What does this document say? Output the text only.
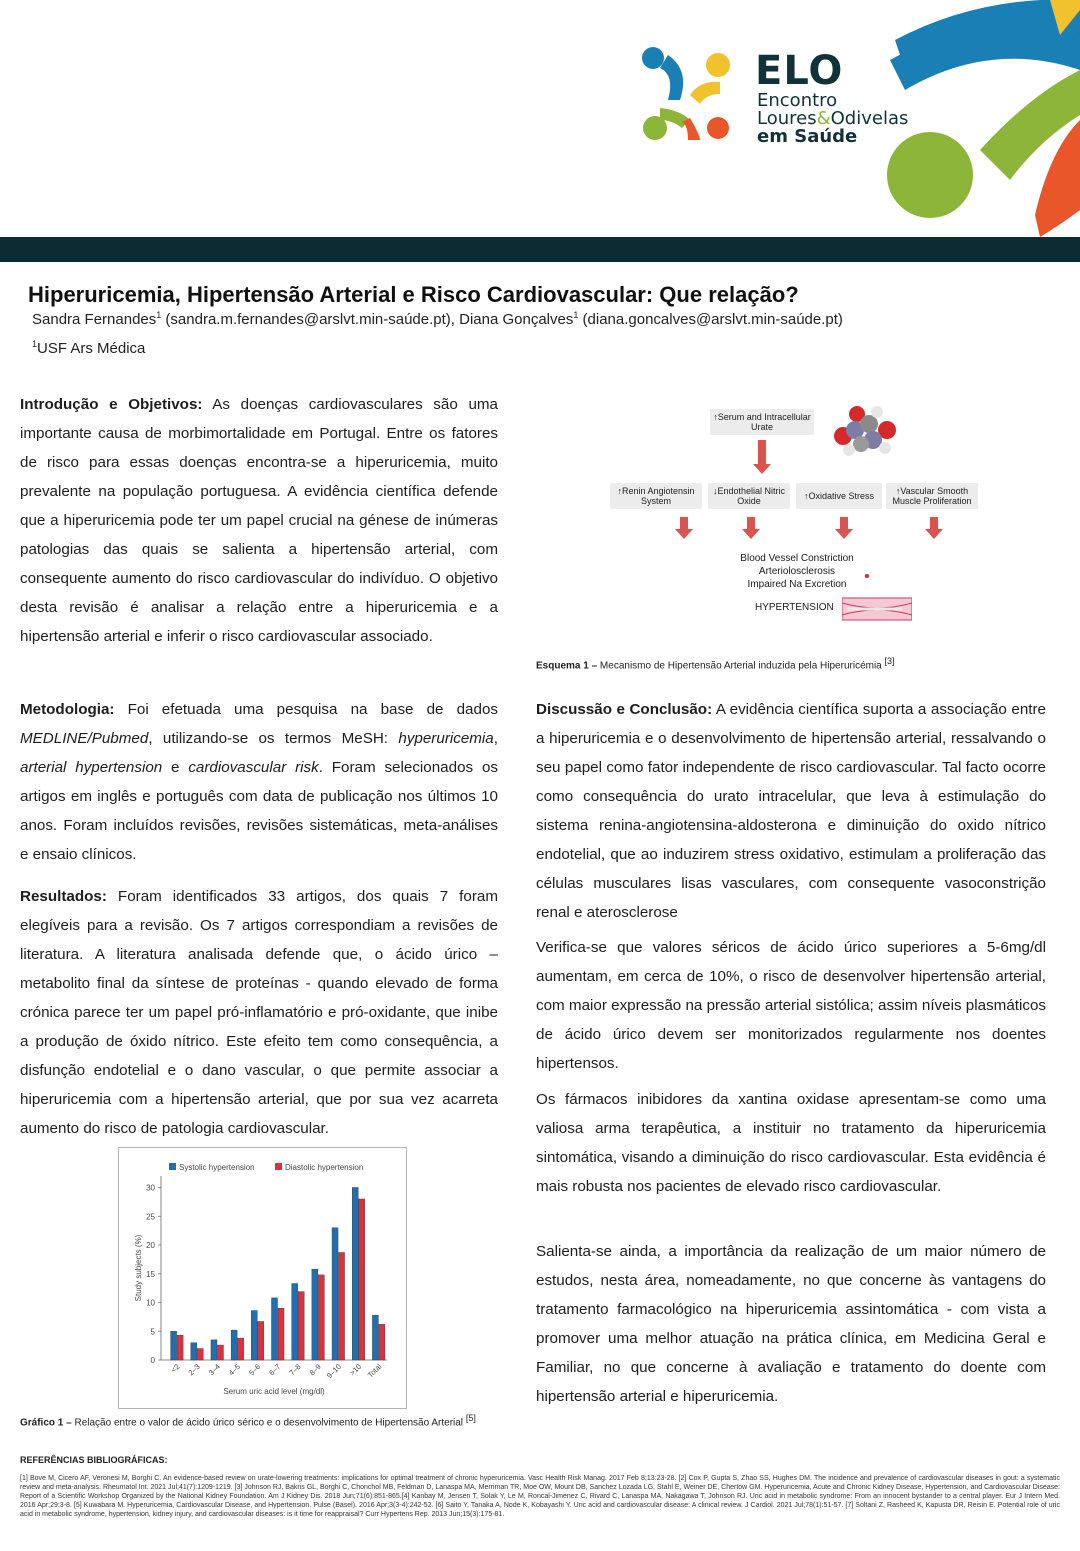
ELO
Encontro
Loures&Odivelas
em Saúde
Hiperuricemia, Hipertensão Arterial e Risco Cardiovascular: Que relação?
Sandra Fernandes$^1$ (sandra.m.fernandes@arslvt.min-saúde.pt), Diana Gonçalves$^1$ (diana.goncalves@arslvt.min-saúde.pt)
$^1$USF Ars Médica
Introdução e Objetivos: As doenças cardiovasculares são uma importante causa de morbimortalidade em Portugal. Entre os fatores de risco para essas doenças encontra-se a hiperuricemia, muito prevalente na população portuguesa. A evidência científica defende que a hiperuricemia pode ter um papel crucial na génese de inúmeras patologias das quais se salienta a hipertensão arterial, com consequente aumento do risco cardiovascular do indivíduo. O objetivo desta revisão é analisar a relação entre a hiperuricemia e a hipertensão arterial e inferir o risco cardiovascular associado.
Metodologia: Foi efetuada uma pesquisa na base de dados MEDLINE/Pubmed, utilizando-se os termos MeSH: hyperuricemia, arterial hypertension e cardiovascular risk. Foram selecionados os artigos em inglês e português com data de publicação nos últimos 10 anos. Foram incluídos revisões, revisões sistemáticas, meta-análises e ensaio clínicos.
Resultados: Foram identificados 33 artigos, dos quais 7 foram elegíveis para a revisão. Os 7 artigos correspondiam a revisões de literatura. A literatura analisada defende que, o ácido úrico – metabolito final da síntese de proteínas - quando elevado de forma crónica parece ter um papel pró-inflamatório e pró-oxidante, que inibe a produção de óxido nítrico. Este efeito tem como consequência, a disfunção endotelial e o dano vascular, o que permite associar a hiperuricemia com a hipertensão arterial, que por sua vez acarreta aumento do risco de patologia cardiovascular.
Systolic hypertension	Diastolic hypertension
0
5
10
15
20
25
30
Study subjects (%)
<2 2–3 3–4 4–5 5–6 6–7 7–8 8–9 9–10 >10 Total
Serum uric acid level (mg/dl)
Gráfico 1 – Relação entre o valor de ácido úrico sérico e o desenvolvimento de Hipertensão Arterial [5]
↑Serum and Intracellular Urate
↑Renin Angiotensin System
↓Endothelial Nitric Oxide	↑Oxidative Stress	↑Vascular Smooth Muscle Proliferation
Blood Vessel Constriction
Arteriolosclerosis
Impaired Na Excretion
HYPERTENSION
Esquema 1 – Mecanismo de Hipertensão Arterial induzida pela Hiperuricémia [3]
Discussão e Conclusão: A evidência científica suporta a associação entre a hiperuricemia e o desenvolvimento de hipertensão arterial, ressalvando o seu papel como fator independente de risco cardiovascular. Tal facto ocorre como consequência do urato intracelular, que leva à estimulação do sistema renina-angiotensina-aldosterona e diminuição do oxido nítrico endotelial, que ao induzirem stress oxidativo, estimulam a proliferação das células musculares lisas vasculares, com consequente vasoconstrição renal e aterosclerose
Verifica-se que valores séricos de ácido úrico superiores a 5-6mg/dl aumentam, em cerca de 10%, o risco de desenvolver hipertensão arterial, com maior expressão na pressão arterial sistólica; assim níveis plasmáticos de ácido úrico devem ser monitorizados regularmente nos doentes hipertensos.
Os fármacos inibidores da xantina oxidase apresentam-se como uma valiosa arma terapêutica, a instituir no tratamento da hiperuricemia sintomática, visando a diminuição do risco cardiovascular. Esta evidência é mais robusta nos pacientes de elevado risco cardiovascular.
Salienta-se ainda, a importância da realização de um maior número de estudos, nesta área, nomeadamente, no que concerne às vantagens do tratamento farmacológico na hiperuricemia assintomática - com vista a promover uma melhor atuação na prática clínica, em Medicina Geral e Familiar, no que concerne à avaliação e tratamento do doente com hipertensão arterial e hiperuricemia.
REFERÊNCIAS BIBLIOGRÁFICAS:
[1] Bove M, Cicero AF, Veronesi M, Borghi C. An evidence-based review on urate-lowering treatments: implications for optimal treatment of chronic hyperuricemia. Vasc Health Risk Manag. 2017 Feb 8;13:23-28. [2] Cox P, Gupta S, Zhao SS, Hughes DM. The incidence and prevalence of cardiovascular diseases in gout: a systematic review and meta-analysis. Rheumatol Int. 2021 Jul;41(7):1209-1219. [3] Johnson RJ, Bakris GL, Borghi C, Chonchol MB, Feldman D, Lanaspa MA, Merriman TR, Moe OW, Mount DB, Sanchez Lozada LG, Stahl E, Weiner DE, Chertow GM. Hyperuricemia, Acute and Chronic Kidney Disease, Hypertension, and Cardiovascular Disease: Report of a Scientific Workshop Organized by the National Kidney Foundation. Am J Kidney Dis. 2018 Jun;71(6):851-865.[4] Kanbay M, Jensen T, Solak Y, Le M, Roncal-Jimenez C, Rivard C, Lanaspa MA, Nakagawa T, Johnson RJ. Uric acid in metabolic syndrome: From an innocent bystander to a central player. Eur J Intern Med. 2016 Apr;29:3-8. [5] Kuwabara M. Hyperuricemia, Cardiovascular Disease, and Hypertension. Pulse (Basel). 2016 Apr;3(3-4):242-52. [6] Saito Y, Tanaka A, Node K, Kobayashi Y. Uric acid and cardiovascular disease: A clinical review. J Cardiol. 2021 Jul;78(1):51-57. [7] Soltani Z, Rasheed K, Kapusta DR, Reisin E. Potential role of uric acid in metabolic syndrome, hypertension, kidney injury, and cardiovascular diseases: is it time for reappraisal? Curr Hypertens Rep. 2013 Jun;15(3):175-81.
